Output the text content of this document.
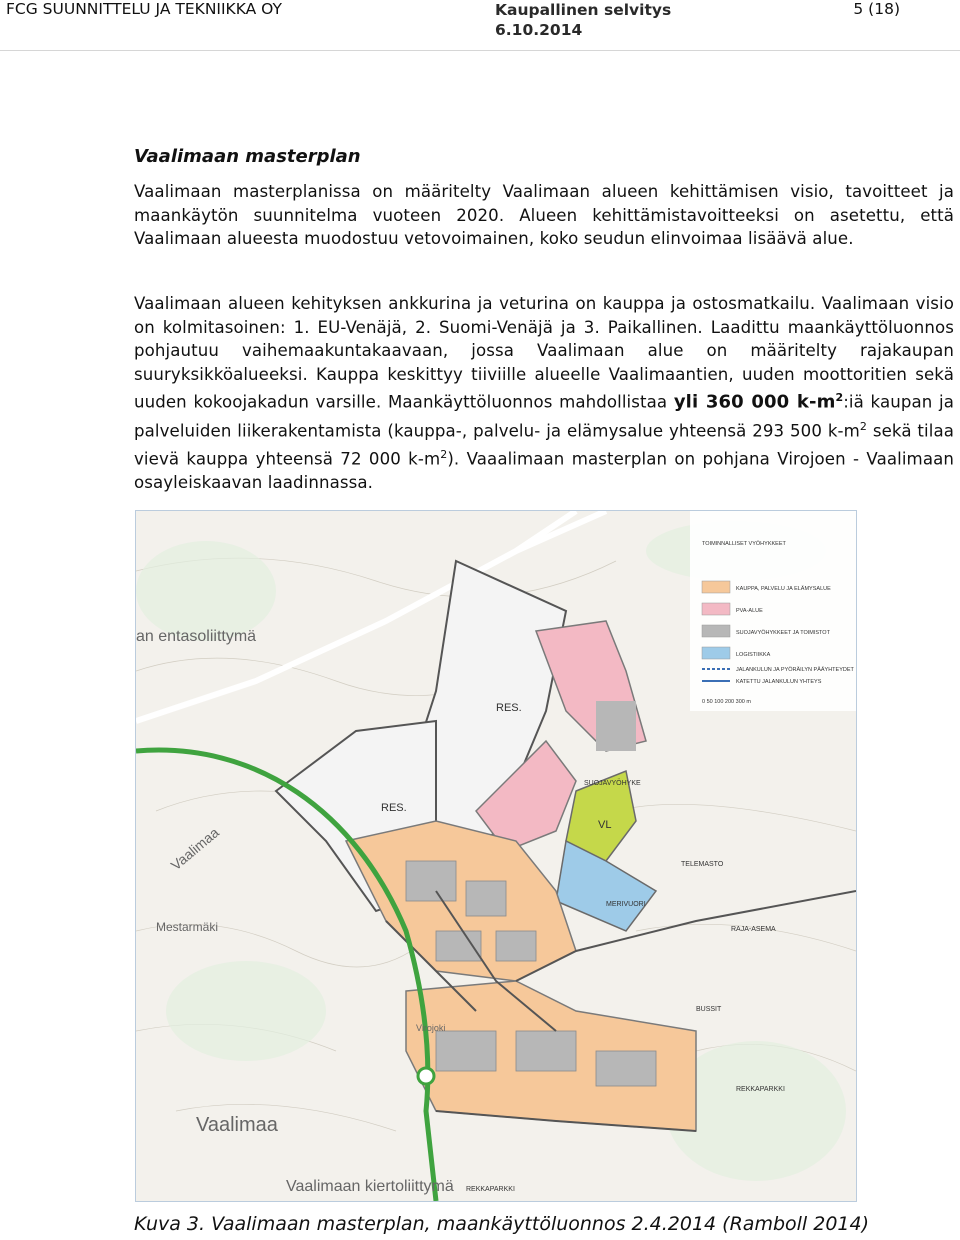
FCG SUUNNITTELU JA TEKNIIKKA OY	Kaupallinen selvitys
6.10.2014
5 (18)
Vaalimaan masterplan
Vaalimaan masterplanissa on määritelty Vaalimaan alueen kehittämisen visio, tavoitteet ja maankäytön suunnitelma vuoteen 2020. Alueen kehittämistavoitteeksi on asetettu, että Vaalimaan alueesta muodostuu vetovoimainen, koko seudun elinvoimaa lisäävä alue.
Vaalimaan alueen kehityksen ankkurina ja veturina on kauppa ja ostosmatkailu. Vaalimaan visio on kolmitasoinen: 1. EU-Venäjä, 2. Suomi-Venäjä ja 3. Paikallinen. Laadittu maankäyttöluonnos pohjautuu vaihemaakuntakaavaan, jossa Vaalimaan alue on määritelty rajakaupan suuryksikköalueeksi. Kauppa keskittyy tiiviille alueelle Vaalimaantien, uuden moottoritien sekä uuden kokoojakadun varsille. Maankäyttöluonnos mahdollistaa yli 360 000 $k-m^2:iä$ kaupan ja palveluiden liikerakentamista (kauppa-, palvelu- ja elämysalue yhteensä 293 500 $k-m^2$ sekä tilaa vievä kauppa yhteensä 72 000 $k-m^2$). Vaaalimaan masterplan on pohjana Virojoen - Vaalimaan osayleiskaavan laadinnassa.
RES.
RES.
VL
SUOJAVYÖHYKE
MERIVUORI
TELEMASTO
RAJA-ASEMA
BUSSIT
REKKAPARKKI
REKKAPARKKI
an entasoliittymä
Vaalimaan kiertoliittymä
Mestarmäki
Vaalimaa
Vaalimaa
Virojoki
TOIMINNALLISET VYÖHYKKEET
KAUPPA, PALVELU JA ELÄMYSALUE
PVA-ALUE
SUOJAVYÖHYKKEET JA TOIMISTOT
LOGISTIIKKA
JALANKULUN JA PYÖRÄILYN PÄÄYHTEYDET
KATETTU JALANKULUN YHTEYS
0 50 100 200 300 m
Kuva 3. Vaalimaan masterplan, maankäyttöluonnos 2.4.2014 (Ramboll 2014)
